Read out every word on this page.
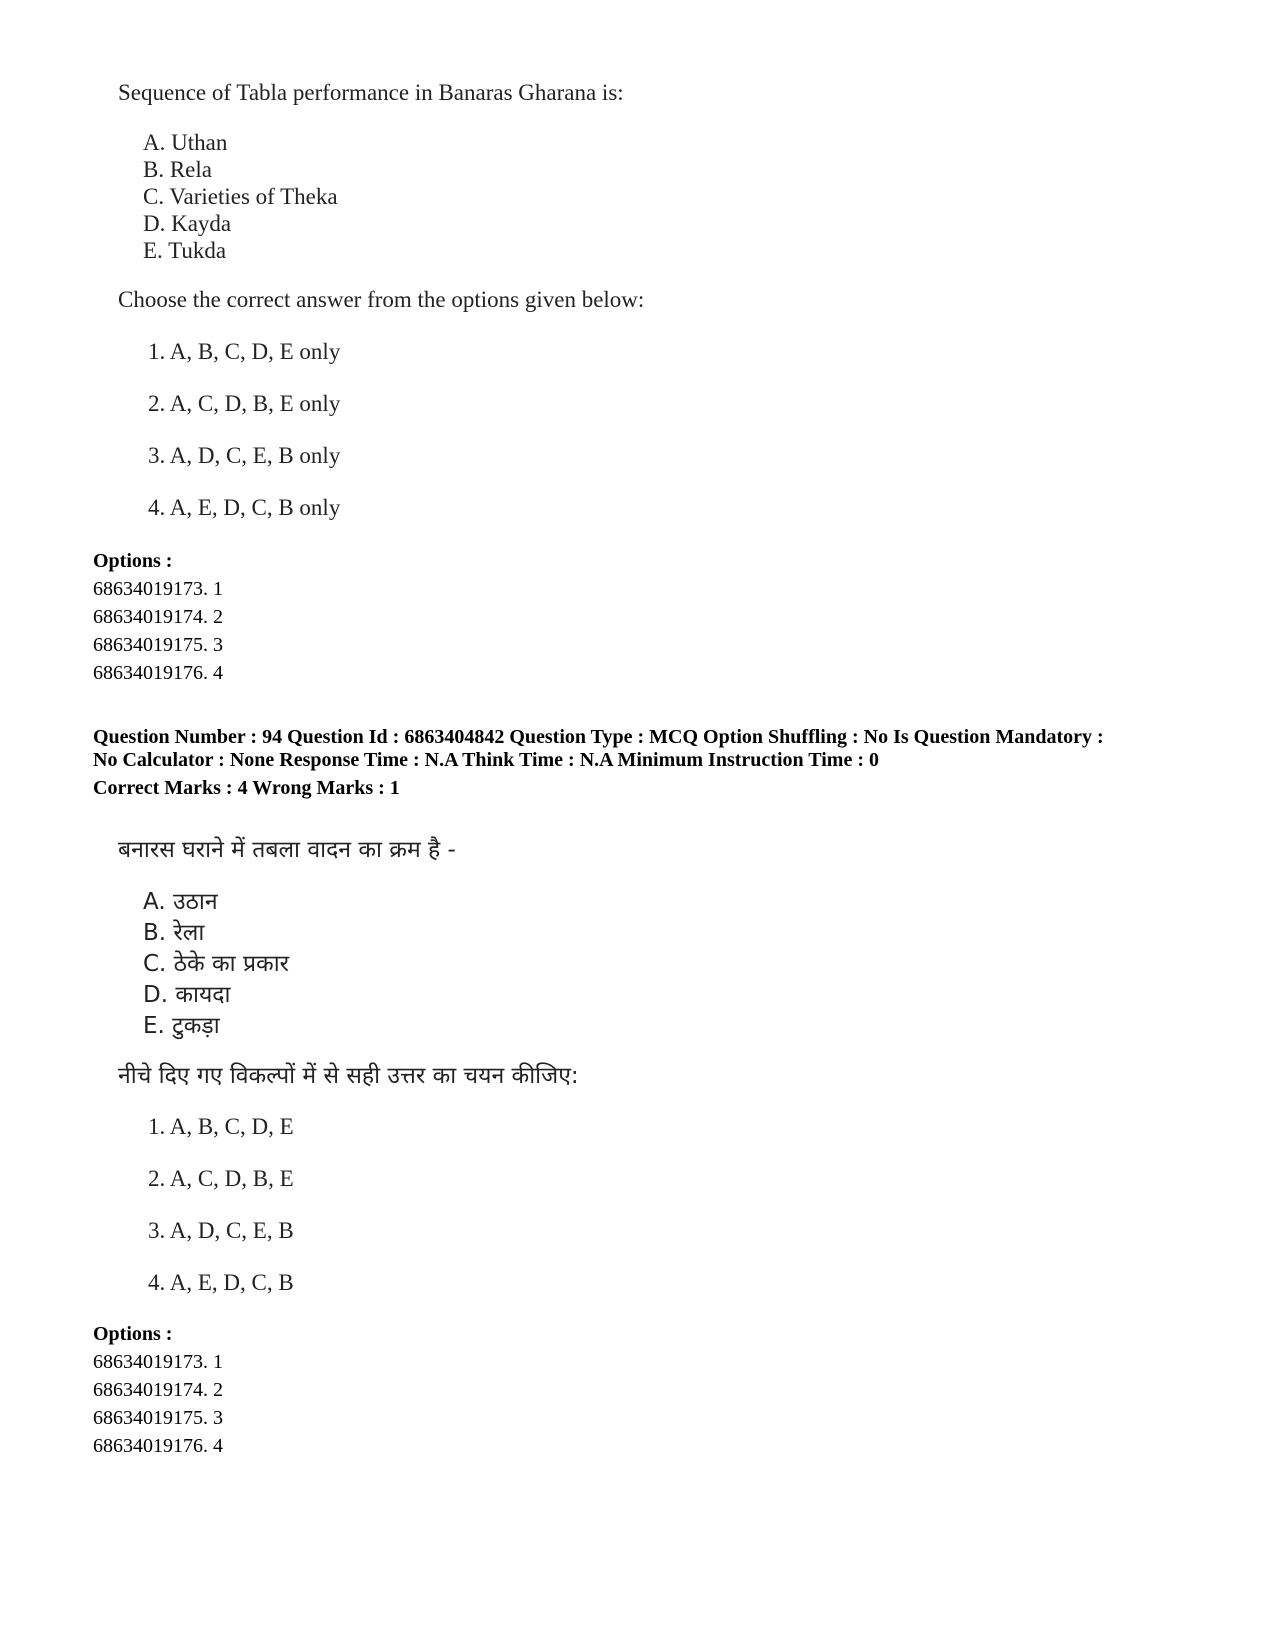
Sequence of Tabla performance in Banaras Gharana is:
A. Uthan
B. Rela
C. Varieties of Theka
D. Kayda
E. Tukda
Choose the correct answer from the options given below:
1. A, B, C, D, E only
2. A, C, D, B, E only
3. A, D, C, E, B only
4. A, E, D, C, B only
Options :
68634019173. 1
68634019174. 2
68634019175. 3
68634019176. 4
Question Number : 94 Question Id : 6863404842 Question Type : MCQ Option Shuffling : No Is Question Mandatory :
No Calculator : None Response Time : N.A Think Time : N.A Minimum Instruction Time : 0
Correct Marks : 4 Wrong Marks : 1
बनारस घराने में तबला वादन का क्रम है -
A. उठान
B. रेला
C. ठेके का प्रकार
D. कायदा
E. टुकड़ा
नीचे दिए गए विकल्पों में से सही उत्तर का चयन कीजिए:
1. A, B, C, D, E
2. A, C, D, B, E
3. A, D, C, E, B
4. A, E, D, C, B
Options :
68634019173. 1
68634019174. 2
68634019175. 3
68634019176. 4
